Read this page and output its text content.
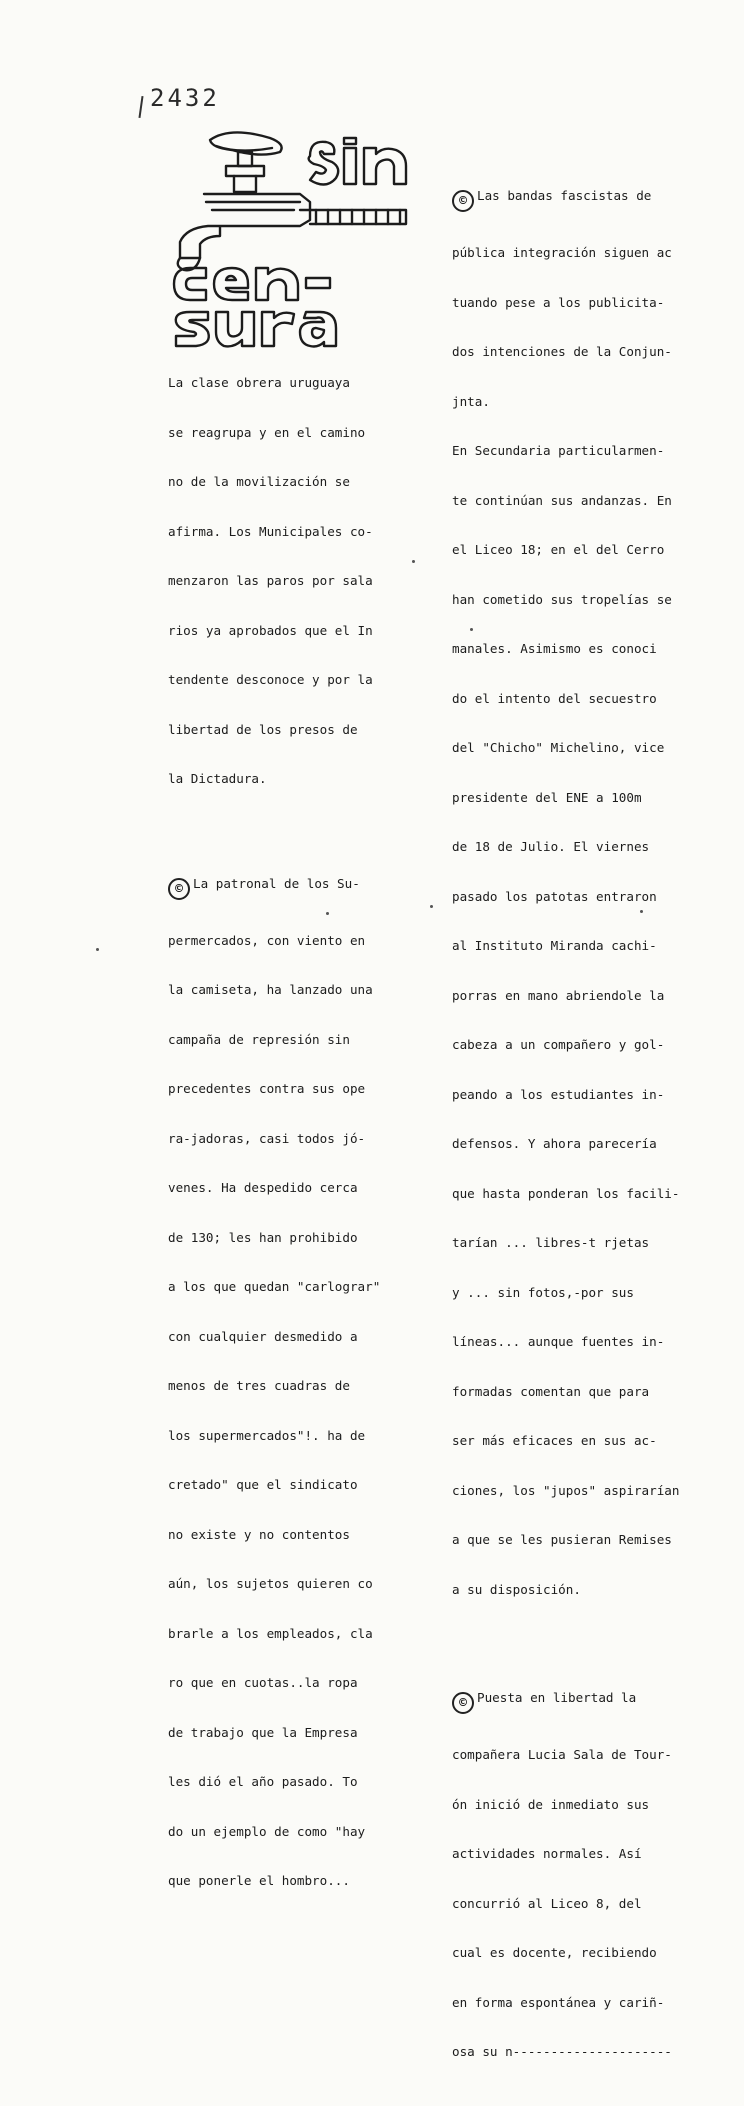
2432

La clase obrera uruguaya

se reagrupa y en el camino

no de la movilización se

afirma. Los Municipales co-

menzaron las paros por sala

rios ya aprobados que el In

tendente desconoce y por la

libertad de los presos de

la Dictadura.

© La patronal de los Su-

permercados, con viento en

la camiseta, ha lanzado una

campaña de represión sin

precedentes contra sus ope

ra-jadoras, casi todos jó-

venes. Ha despedido cerca

de 130; les han prohibido

a los que quedan "carlograr"

con cualquier desmedido a

menos de tres cuadras de

los supermercados"!. ha de

cretado" que el sindicato

no existe y no contentos

aún, los sujetos quieren co

brarle a los empleados, cla

ro que en cuotas..la ropa

de trabajo que la Empresa

les dió el año pasado. To

do un ejemplo de como "hay

que ponerle el hombro...

© Las bandas fascistas de

pública integración siguen ac

tuando pese a los publicita-

dos intenciones de la Conjun-

jnta.

En Secundaria particularmen-

te continúan sus andanzas. En

el Liceo 18; en el del Cerro

han cometido sus tropelías se

manales. Asimismo es conoci

do el intento del secuestro

del "Chicho" Michelino, vice

presidente del ENE a 100m

de 18 de Julio. El viernes

pasado los patotas entraron

al Instituto Miranda cachi-

porras en mano abriendole la

cabeza a un compañero y gol-

peando a los estudiantes in-

defensos. Y ahora parecería

que hasta ponderan los facili-

tarían ... libres-t rjetas

y ... sin fotos,-por sus

líneas... aunque fuentes in-

formadas comentan que para

ser más eficaces en sus ac-

ciones, los "jupos" aspirarían

a que se les pusieran Remises

a su disposición.

© Puesta en libertad la

compañera Lucia Sala de Tour-

ón inició de inmediato sus

actividades normales. Así

concurrió al Liceo 8, del

cual es docente, recibiendo

en forma espontánea y cariñ-

osa su n---------------------
